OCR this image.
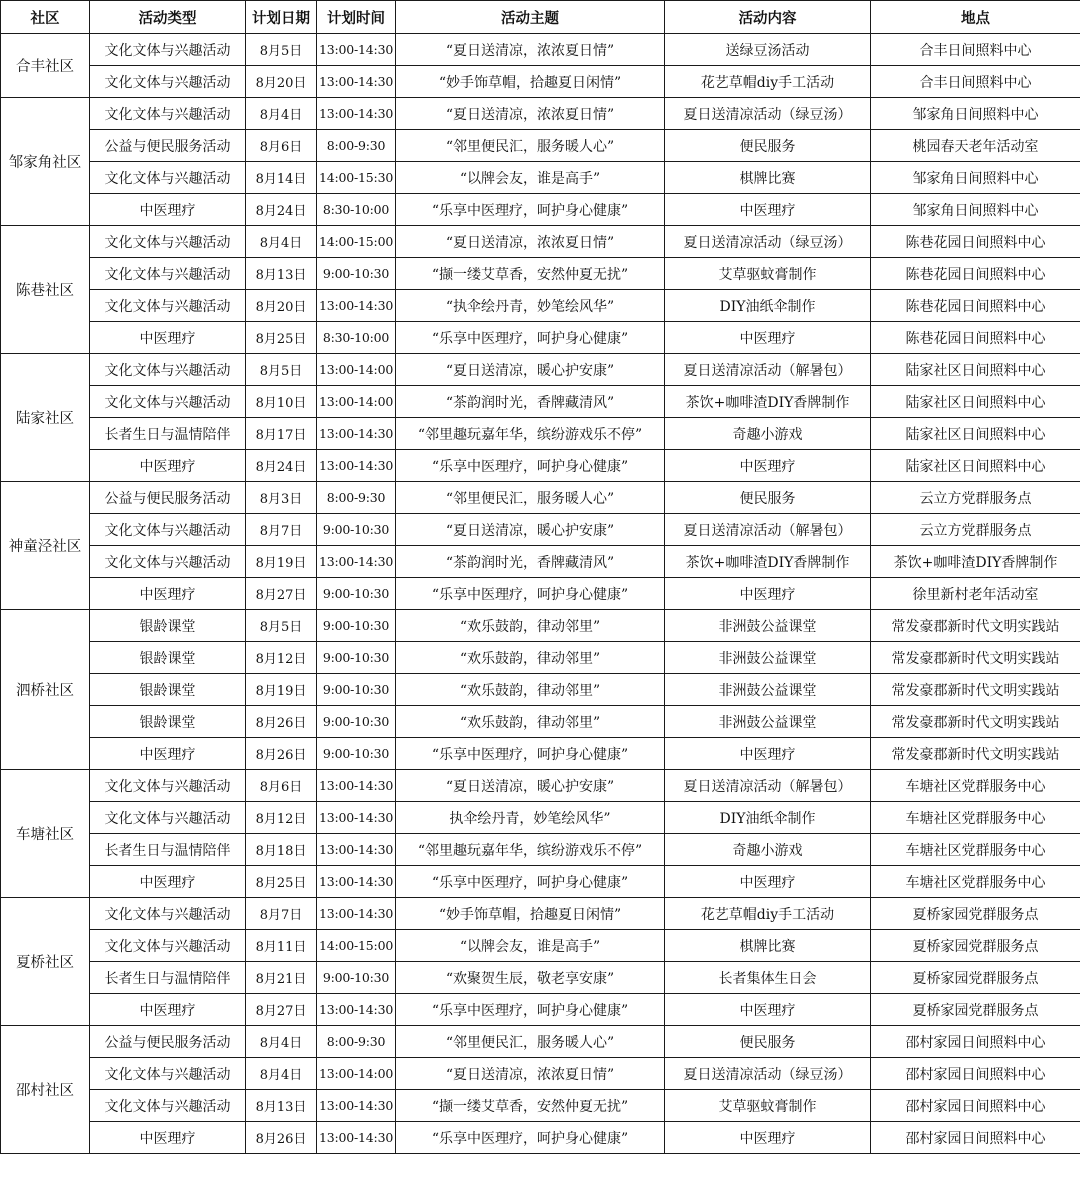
社区	活动类型	计划日期	计划时间	活动主题	活动内容	地点
合丰社区	文化文体与兴趣活动	8月5日	13:00-14:30	“夏日送清凉，浓浓夏日情”	送绿豆汤活动	合丰日间照料中心
	文化文体与兴趣活动	8月20日	13:00-14:30	“妙手饰草帽，拾趣夏日闲情”	花艺草帽diy手工活动	合丰日间照料中心
邹家角社区	文化文体与兴趣活动	8月4日	13:00-14:30	“夏日送清凉，浓浓夏日情”	夏日送清凉活动（绿豆汤）	邹家角日间照料中心
	公益与便民服务活动	8月6日	8:00-9:30	“邻里便民汇，服务暖人心”	便民服务	桃园春天老年活动室
	文化文体与兴趣活动	8月14日	14:00-15:30	“以牌会友，谁是高手”	棋牌比赛	邹家角日间照料中心
	中医理疗	8月24日	8:30-10:00	“乐享中医理疗，呵护身心健康”	中医理疗	邹家角日间照料中心
陈巷社区	文化文体与兴趣活动	8月4日	14:00-15:00	“夏日送清凉，浓浓夏日情”	夏日送清凉活动（绿豆汤）	陈巷花园日间照料中心
	文化文体与兴趣活动	8月13日	9:00-10:30	“撷一缕艾草香，安然仲夏无扰”	艾草驱蚊膏制作	陈巷花园日间照料中心
	文化文体与兴趣活动	8月20日	13:00-14:30	“执伞绘丹青，妙笔绘风华”	DIY油纸伞制作	陈巷花园日间照料中心
	中医理疗	8月25日	8:30-10:00	“乐享中医理疗，呵护身心健康”	中医理疗	陈巷花园日间照料中心
陆家社区	文化文体与兴趣活动	8月5日	13:00-14:00	“夏日送清凉，暖心护安康”	夏日送清凉活动（解暑包）	陆家社区日间照料中心
	文化文体与兴趣活动	8月10日	13:00-14:00	“茶韵润时光，香牌藏清风”	茶饮+咖啡渣DIY香牌制作	陆家社区日间照料中心
	长者生日与温情陪伴	8月17日	13:00-14:30	“邻里趣玩嘉年华，缤纷游戏乐不停”	奇趣小游戏	陆家社区日间照料中心
	中医理疗	8月24日	13:00-14:30	“乐享中医理疗，呵护身心健康”	中医理疗	陆家社区日间照料中心
神童泾社区	公益与便民服务活动	8月3日	8:00-9:30	“邻里便民汇，服务暖人心”	便民服务	云立方党群服务点
	文化文体与兴趣活动	8月7日	9:00-10:30	“夏日送清凉，暖心护安康”	夏日送清凉活动（解暑包）	云立方党群服务点
	文化文体与兴趣活动	8月19日	13:00-14:30	“茶韵润时光，香牌藏清风”	茶饮+咖啡渣DIY香牌制作	茶饮+咖啡渣DIY香牌制作
	中医理疗	8月27日	9:00-10:30	“乐享中医理疗，呵护身心健康”	中医理疗	徐里新村老年活动室
泗桥社区	银龄课堂	8月5日	9:00-10:30	“欢乐鼓韵，律动邻里”	非洲鼓公益课堂	常发豪郡新时代文明实践站
	银龄课堂	8月12日	9:00-10:30	“欢乐鼓韵，律动邻里”	非洲鼓公益课堂	常发豪郡新时代文明实践站
	银龄课堂	8月19日	9:00-10:30	“欢乐鼓韵，律动邻里”	非洲鼓公益课堂	常发豪郡新时代文明实践站
	银龄课堂	8月26日	9:00-10:30	“欢乐鼓韵，律动邻里”	非洲鼓公益课堂	常发豪郡新时代文明实践站
	中医理疗	8月26日	9:00-10:30	“乐享中医理疗，呵护身心健康”	中医理疗	常发豪郡新时代文明实践站
车塘社区	文化文体与兴趣活动	8月6日	13:00-14:30	“夏日送清凉，暖心护安康”	夏日送清凉活动（解暑包）	车塘社区党群服务中心
	文化文体与兴趣活动	8月12日	13:00-14:30	执伞绘丹青，妙笔绘风华”	DIY油纸伞制作	车塘社区党群服务中心
	长者生日与温情陪伴	8月18日	13:00-14:30	“邻里趣玩嘉年华，缤纷游戏乐不停”	奇趣小游戏	车塘社区党群服务中心
	中医理疗	8月25日	13:00-14:30	“乐享中医理疗，呵护身心健康”	中医理疗	车塘社区党群服务中心
夏桥社区	文化文体与兴趣活动	8月7日	13:00-14:30	“妙手饰草帽，拾趣夏日闲情”	花艺草帽diy手工活动	夏桥家园党群服务点
	文化文体与兴趣活动	8月11日	14:00-15:00	“以牌会友，谁是高手”	棋牌比赛	夏桥家园党群服务点
	长者生日与温情陪伴	8月21日	9:00-10:30	“欢聚贺生辰，敬老享安康”	长者集体生日会	夏桥家园党群服务点
	中医理疗	8月27日	13:00-14:30	“乐享中医理疗，呵护身心健康”	中医理疗	夏桥家园党群服务点
邵村社区	公益与便民服务活动	8月4日	8:00-9:30	“邻里便民汇，服务暖人心”	便民服务	邵村家园日间照料中心
	文化文体与兴趣活动	8月4日	13:00-14:00	“夏日送清凉，浓浓夏日情”	夏日送清凉活动（绿豆汤）	邵村家园日间照料中心
	文化文体与兴趣活动	8月13日	13:00-14:30	“撷一缕艾草香，安然仲夏无扰”	艾草驱蚊膏制作	邵村家园日间照料中心
	中医理疗	8月26日	13:00-14:30	“乐享中医理疗，呵护身心健康”	中医理疗	邵村家园日间照料中心
